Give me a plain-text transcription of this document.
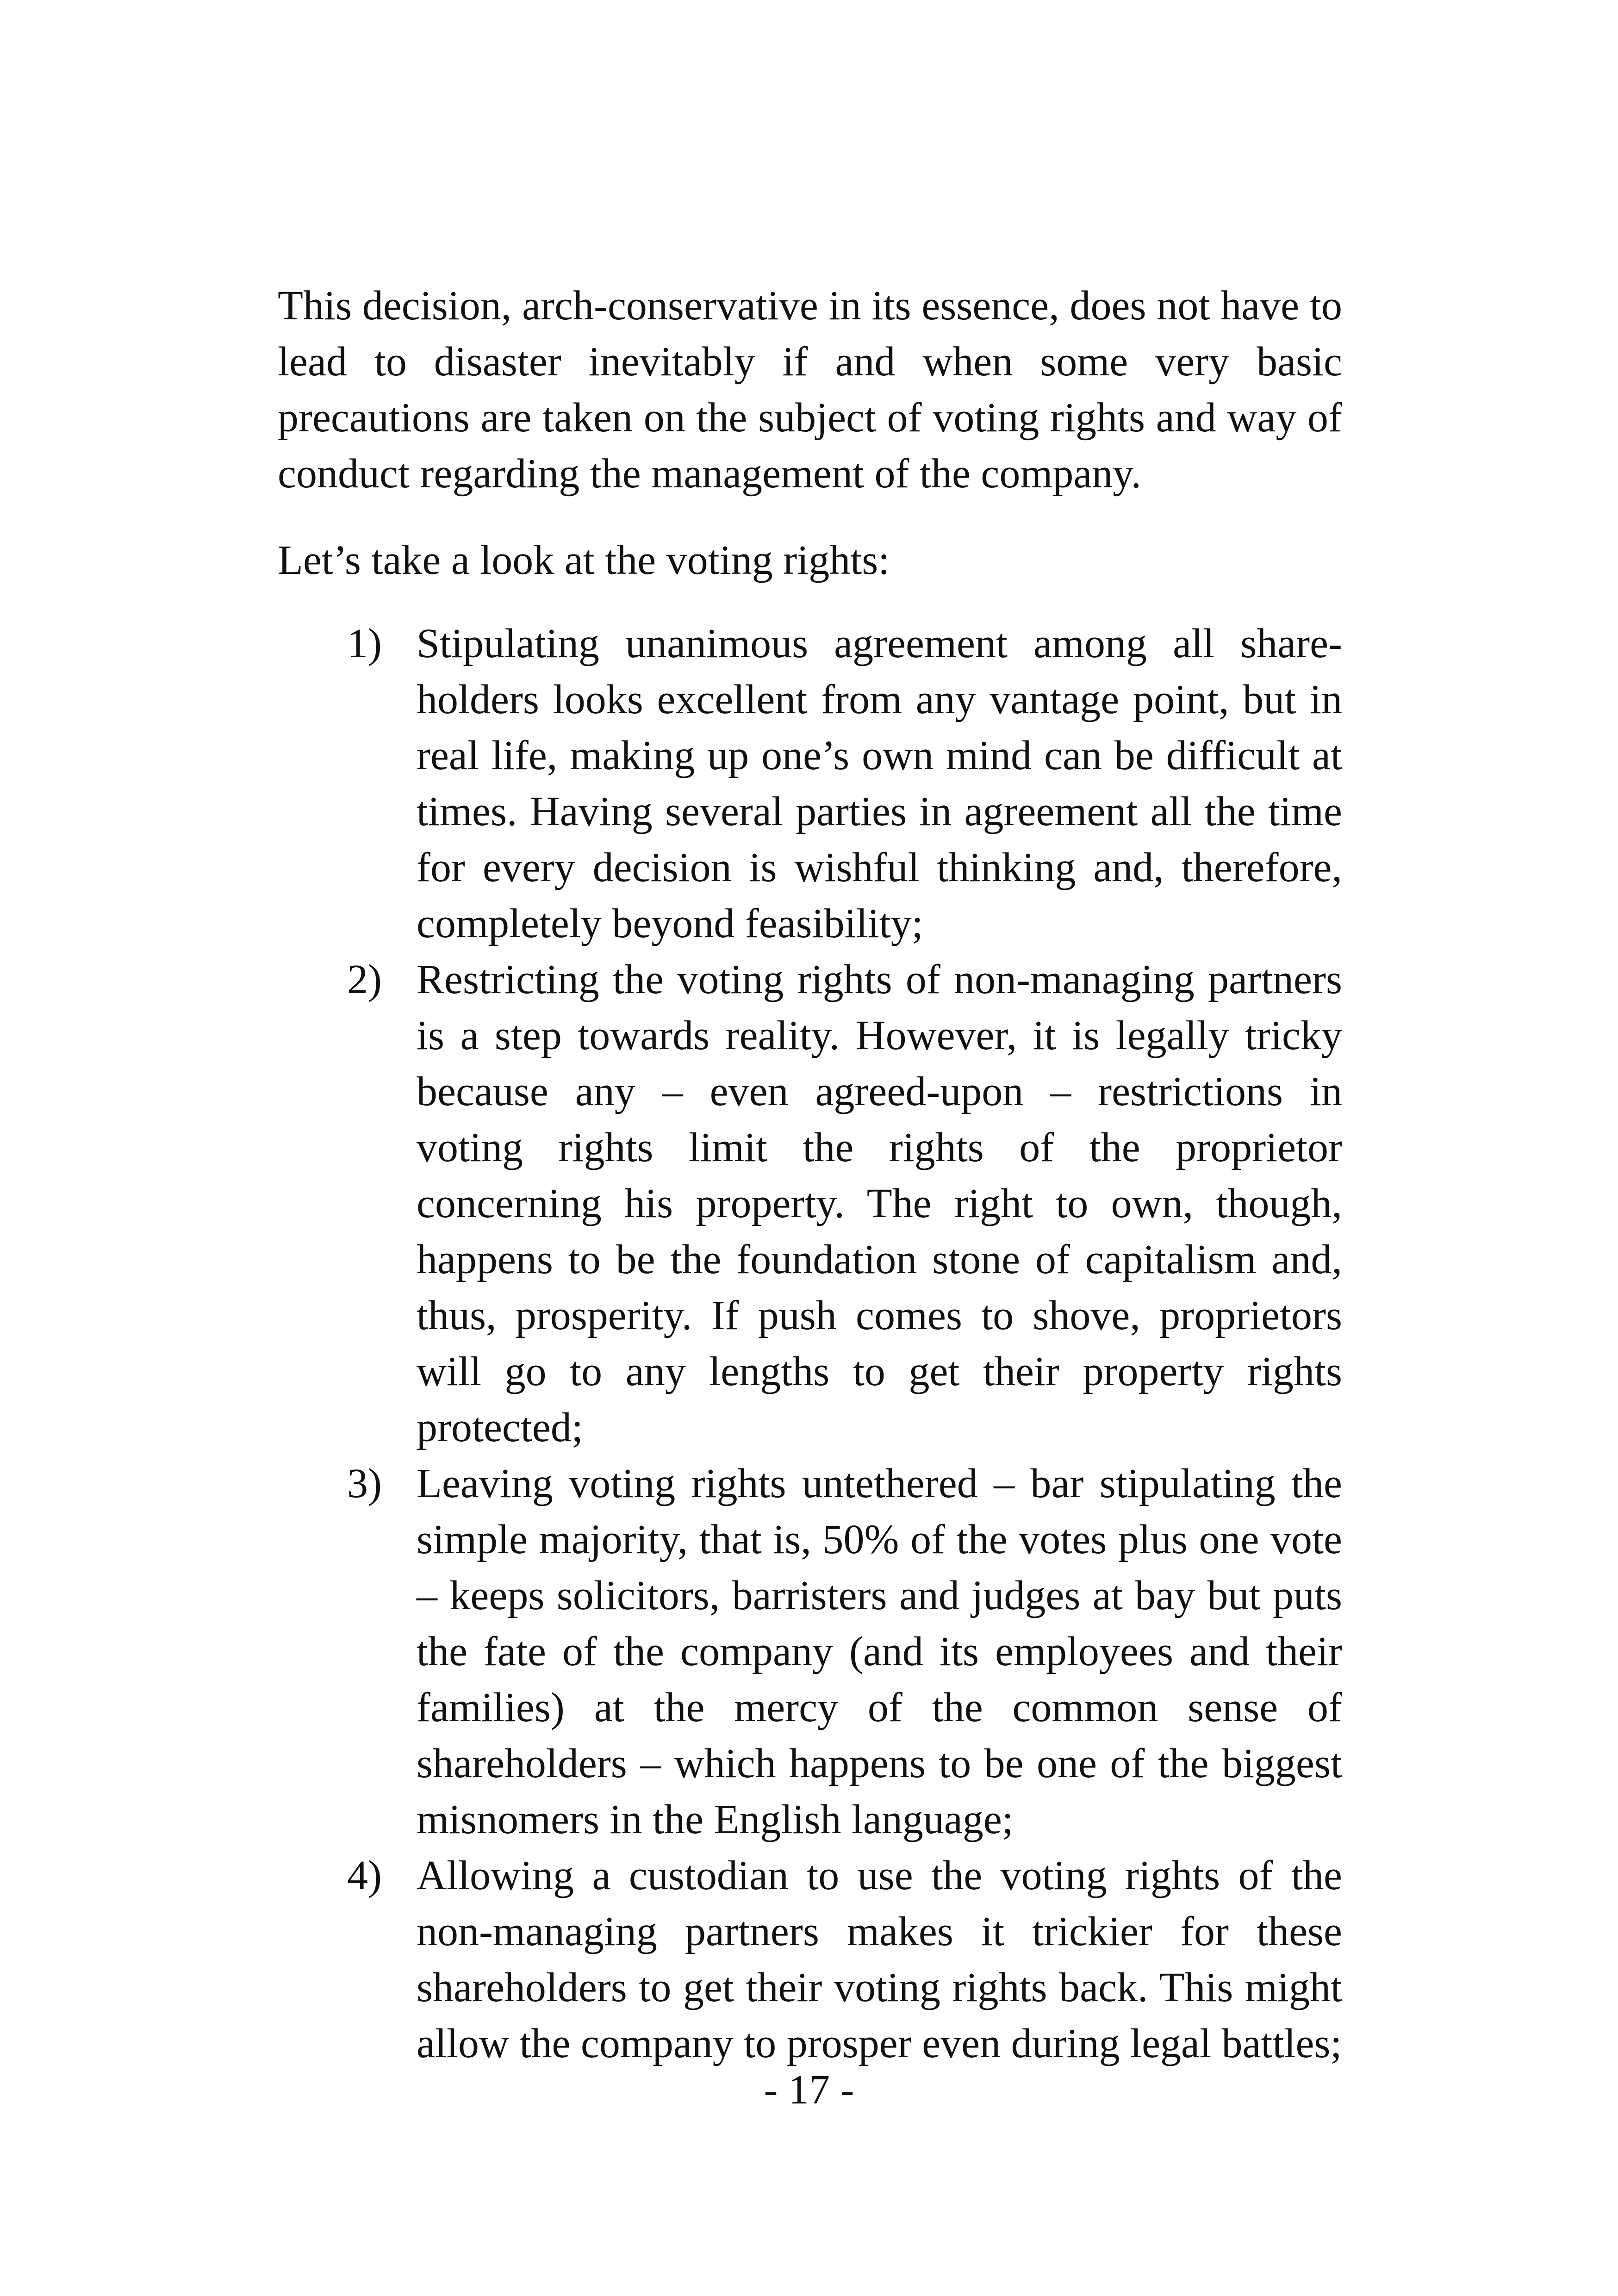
This decision, arch-conservative in its essence, does not have to lead to disaster inevitably if and when some very basic precautions are taken on the subject of voting rights and way of conduct regarding the management of the company.

Let’s take a look at the voting rights:

1) Stipulating unanimous agreement among all share-holders looks excellent from any vantage point, but in real life, making up one’s own mind can be difficult at times. Having several parties in agreement all the time for every decision is wishful thinking and, therefore, completely beyond feasibility;
2) Restricting the voting rights of non-managing partners is a step towards reality. However, it is legally tricky because any – even agreed-upon – restrictions in voting rights limit the rights of the proprietor concerning his property. The right to own, though, happens to be the foundation stone of capitalism and, thus, prosperity. If push comes to shove, proprietors will go to any lengths to get their property rights protected;
3) Leaving voting rights untethered – bar stipulating the simple majority, that is, 50% of the votes plus one vote – keeps solicitors, barristers and judges at bay but puts the fate of the company (and its employees and their families) at the mercy of the common sense of shareholders – which happens to be one of the biggest misnomers in the English language;
4) Allowing a custodian to use the voting rights of the non-managing partners makes it trickier for these shareholders to get their voting rights back. This might allow the company to prosper even during legal battles;
- 17 -
